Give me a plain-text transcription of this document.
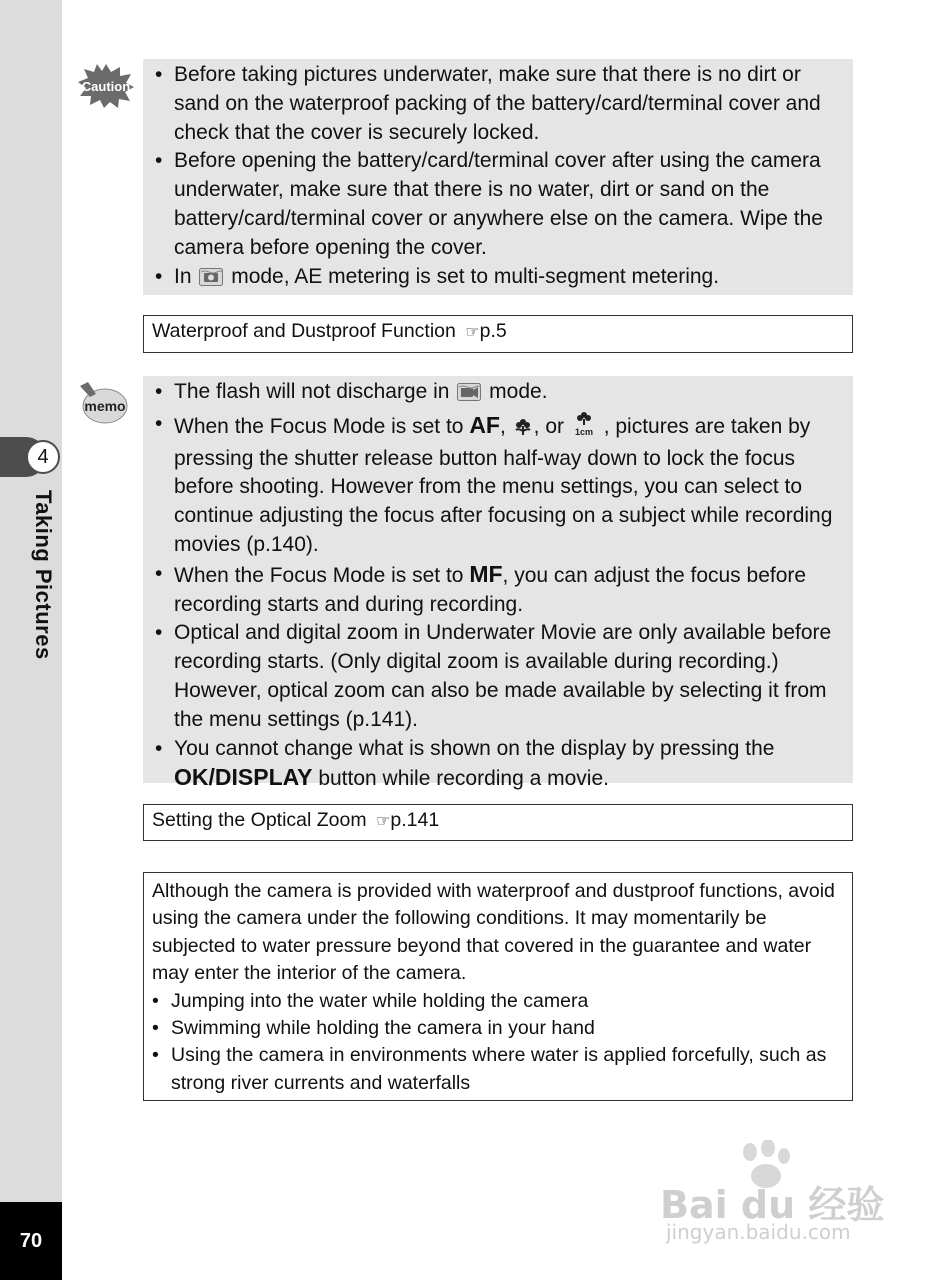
4
Taking Pictures
70
Caution
• Before taking pictures underwater, make sure that there is no dirt or sand on the waterproof packing of the battery/card/terminal cover and check that the cover is securely locked.
• Before opening the battery/card/terminal cover after using the camera underwater, make sure that there is no water, dirt or sand on the battery/card/terminal cover or anywhere else on the camera. Wipe the camera before opening the cover.
• In mode, AE metering is set to multi-segment metering.
Waterproof and Dustproof Function ☞p.5
memo
• The flash will not discharge in mode.
• When the Focus Mode is set to AF, , or 1cm , pictures are taken by pressing the shutter release button half-way down to lock the focus before shooting. However from the menu settings, you can select to continue adjusting the focus after focusing on a subject while recording movies (p.140).
• When the Focus Mode is set to MF, you can adjust the focus before recording starts and during recording.
• Optical and digital zoom in Underwater Movie are only available before recording starts. (Only digital zoom is available during recording.) However, optical zoom can also be made available by selecting it from the menu settings (p.141).
• You cannot change what is shown on the display by pressing the OK/DISPLAY button while recording a movie.
Setting the Optical Zoom ☞p.141

Although the camera is provided with waterproof and dustproof functions, avoid using the camera under the following conditions. It may momentarily be subjected to water pressure beyond that covered in the guarantee and water may enter the interior of the camera.

• Jumping into the water while holding the camera
• Swimming while holding the camera in your hand
• Using the camera in environments where water is applied forcefully, such as strong river currents and waterfalls
Bai du 经验
jingyan.baidu.com
